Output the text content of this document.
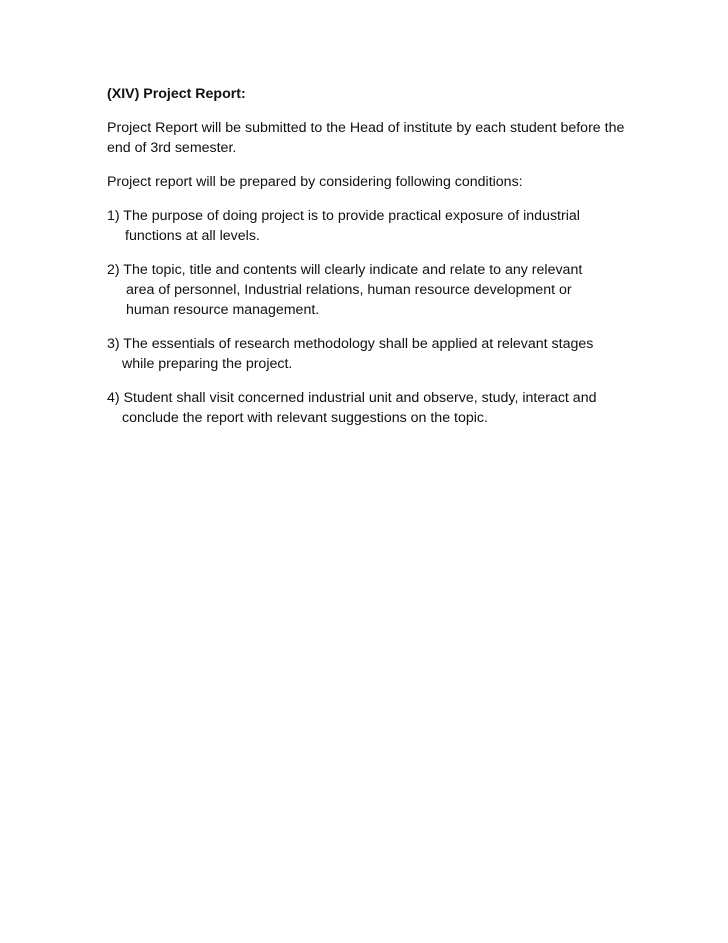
(XIV) Project Report:
Project Report will be submitted to the Head of institute by each student before the
end of 3rd semester.
Project report will be prepared by considering following conditions:
1) The purpose of doing project is to provide practical exposure of industrial
functions at all levels.
2) The topic, title and contents will clearly indicate and relate to any relevant
area of personnel, Industrial relations, human resource development or
human resource management.
3) The essentials of research methodology shall be applied at relevant stages
while preparing the project.
4) Student shall visit concerned industrial unit and observe, study, interact and
conclude the report with relevant suggestions on the topic.
